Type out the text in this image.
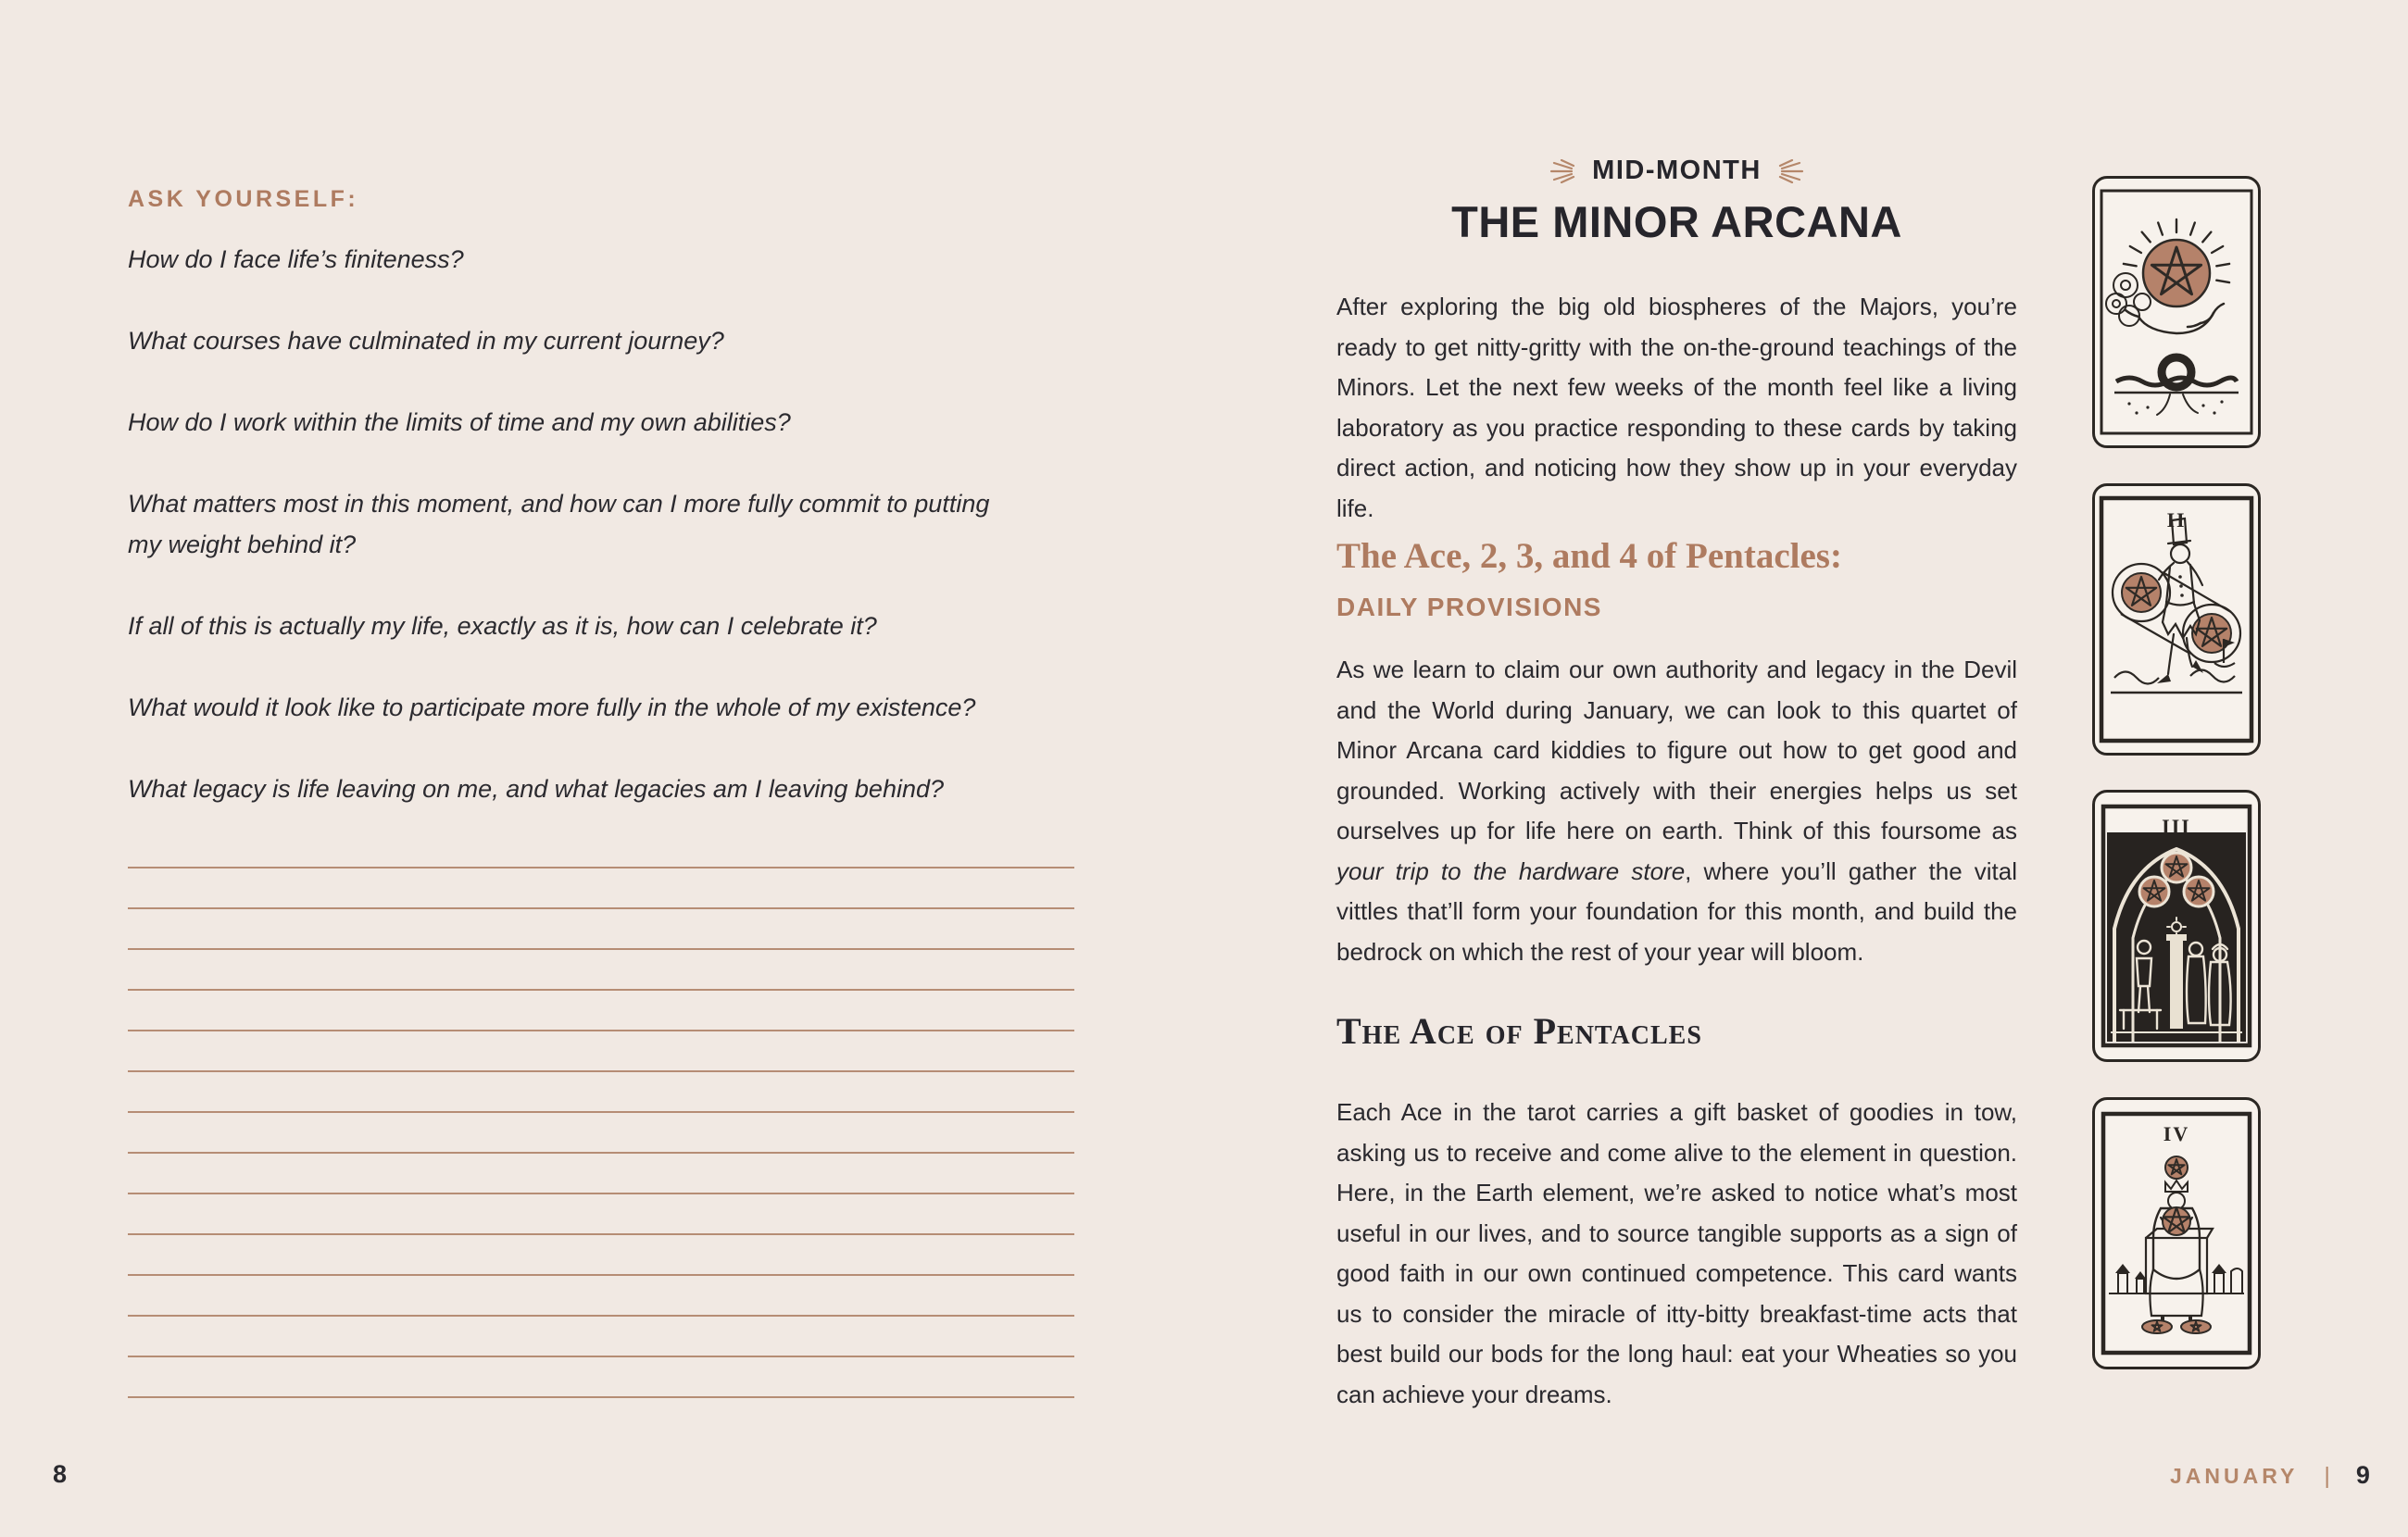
ASK YOURSELF:

How do I face life’s finiteness?

What courses have culminated in my current journey?

How do I work within the limits of time and my own abilities?

What matters most in this moment, and how can I more fully commit to putting my weight behind it?

If all of this is actually my life, exactly as it is, how can I celebrate it?

What would it look like to participate more fully in the whole of my existence?

What legacy is life leaving on me, and what legacies am I leaving behind?

8
MID-MONTH
THE MINOR ARCANA

After exploring the big old biospheres of the Majors, you’re ready to get nitty-gritty with the on-the-ground teachings of the Minors. Let the next few weeks of the month feel like a living laboratory as you practice responding to these cards by taking direct action, and noticing how they show up in your everyday life.

The Ace, 2, 3, and 4 of Pentacles:
DAILY PROVISIONS

As we learn to claim our own authority and legacy in the Devil and the World during January, we can look to this quartet of Minor Arcana card kiddies to figure out how to get good and grounded. Working actively with their energies helps us set ourselves up for life here on earth. Think of this foursome as your trip to the hardware store, where you’ll gather the vital vittles that’ll form your foundation for this month, and build the bedrock on which the rest of your year will bloom.

The Ace of Pentacles

Each Ace in the tarot carries a gift basket of goodies in tow, asking us to receive and come alive to the element in question. Here, in the Earth element, we’re asked to notice what’s most useful in our lives, and to source tangible supports as a sign of good faith in our own continued competence. This card wants us to consider the miracle of itty-bitty breakfast-time acts that best build our bods for the long haul: eat your Wheaties so you can achieve your dreams.

JANUARY | 9
II
III
IV
